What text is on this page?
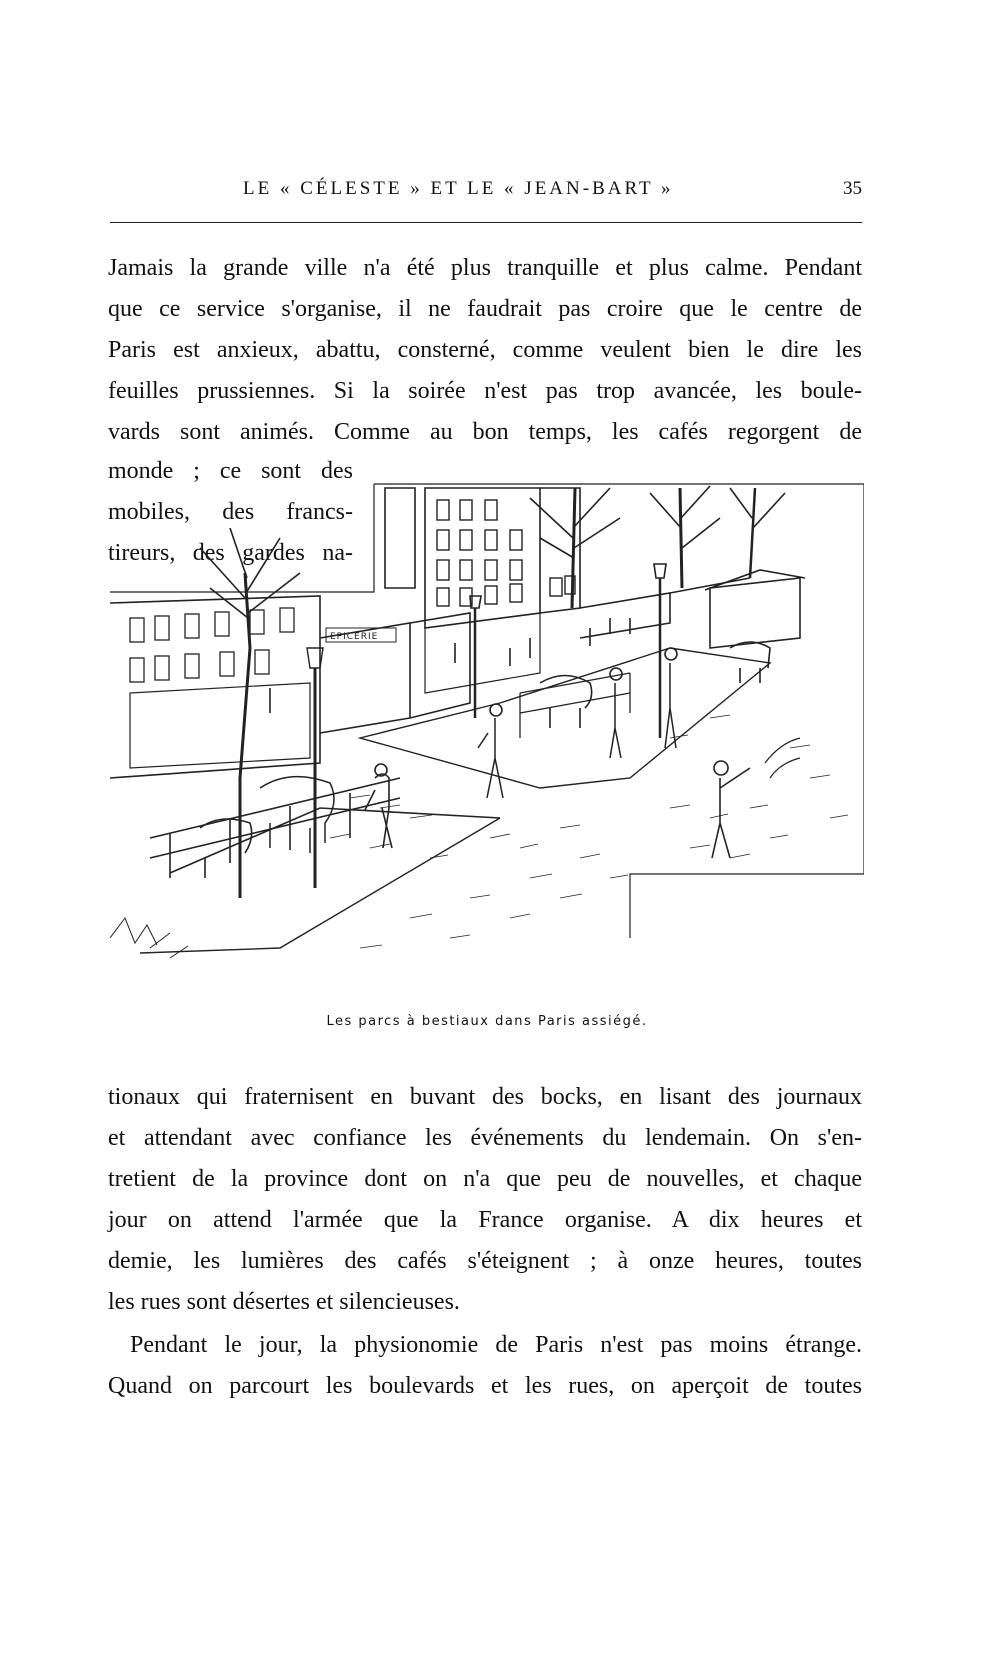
LE « CÉLESTE » ET LE « JEAN-BART »	35
Jamais la grande ville n'a été plus tranquille et plus calme. Pendant
que ce service s'organise, il ne faudrait pas croire que le centre de
Paris est anxieux, abattu, consterné, comme veulent bien le dire les
feuilles prussiennes. Si la soirée n'est pas trop avancée, les boule-
vards sont animés. Comme au bon temps, les cafés regorgent de
monde ; ce sont des
mobiles, des francs-
tireurs, des gardes na-
EPICERIE
Les parcs à bestiaux dans Paris assiégé.
tionaux qui fraternisent en buvant des bocks, en lisant des journaux
et attendant avec confiance les événements du lendemain. On s'en-
tretient de la province dont on n'a que peu de nouvelles, et chaque
jour on attend l'armée que la France organise. A dix heures et
demie, les lumières des cafés s'éteignent ; à onze heures, toutes
les rues sont désertes et silencieuses.
Pendant le jour, la physionomie de Paris n'est pas moins étrange.
Quand on parcourt les boulevards et les rues, on aperçoit de toutes
